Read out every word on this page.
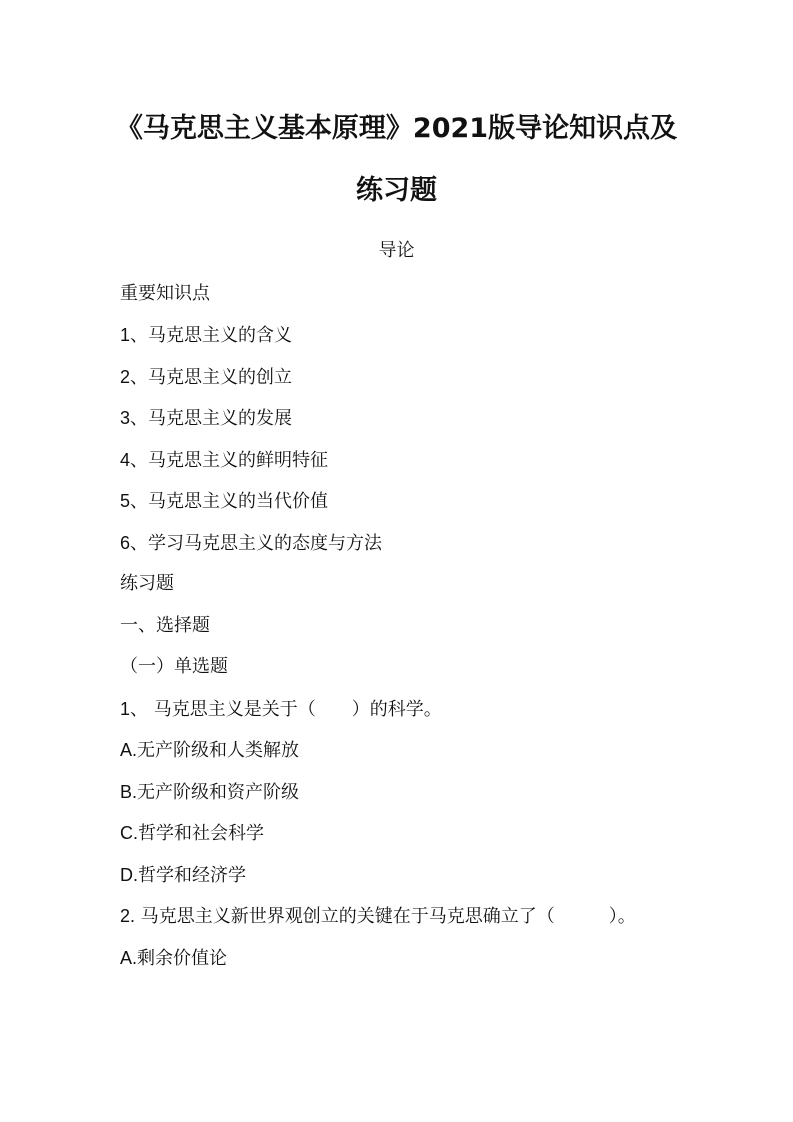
《马克思主义基本原理》2021版导论知识点及
练习题
导论
重要知识点
1、马克思主义的含义
2、马克思主义的创立
3、马克思主义的发展
4、马克思主义的鲜明特征
5、马克思主义的当代价值
6、学习马克思主义的态度与方法
练习题
一、选择题
（一）单选题
1、 马克思主义是关于（　　）的科学。
A.无产阶级和人类解放
B.无产阶级和资产阶级
C.哲学和社会科学
D.哲学和经济学
2. 马克思主义新世界观创立的关键在于马克思确立了（　　　）。
A.剩余价值论
